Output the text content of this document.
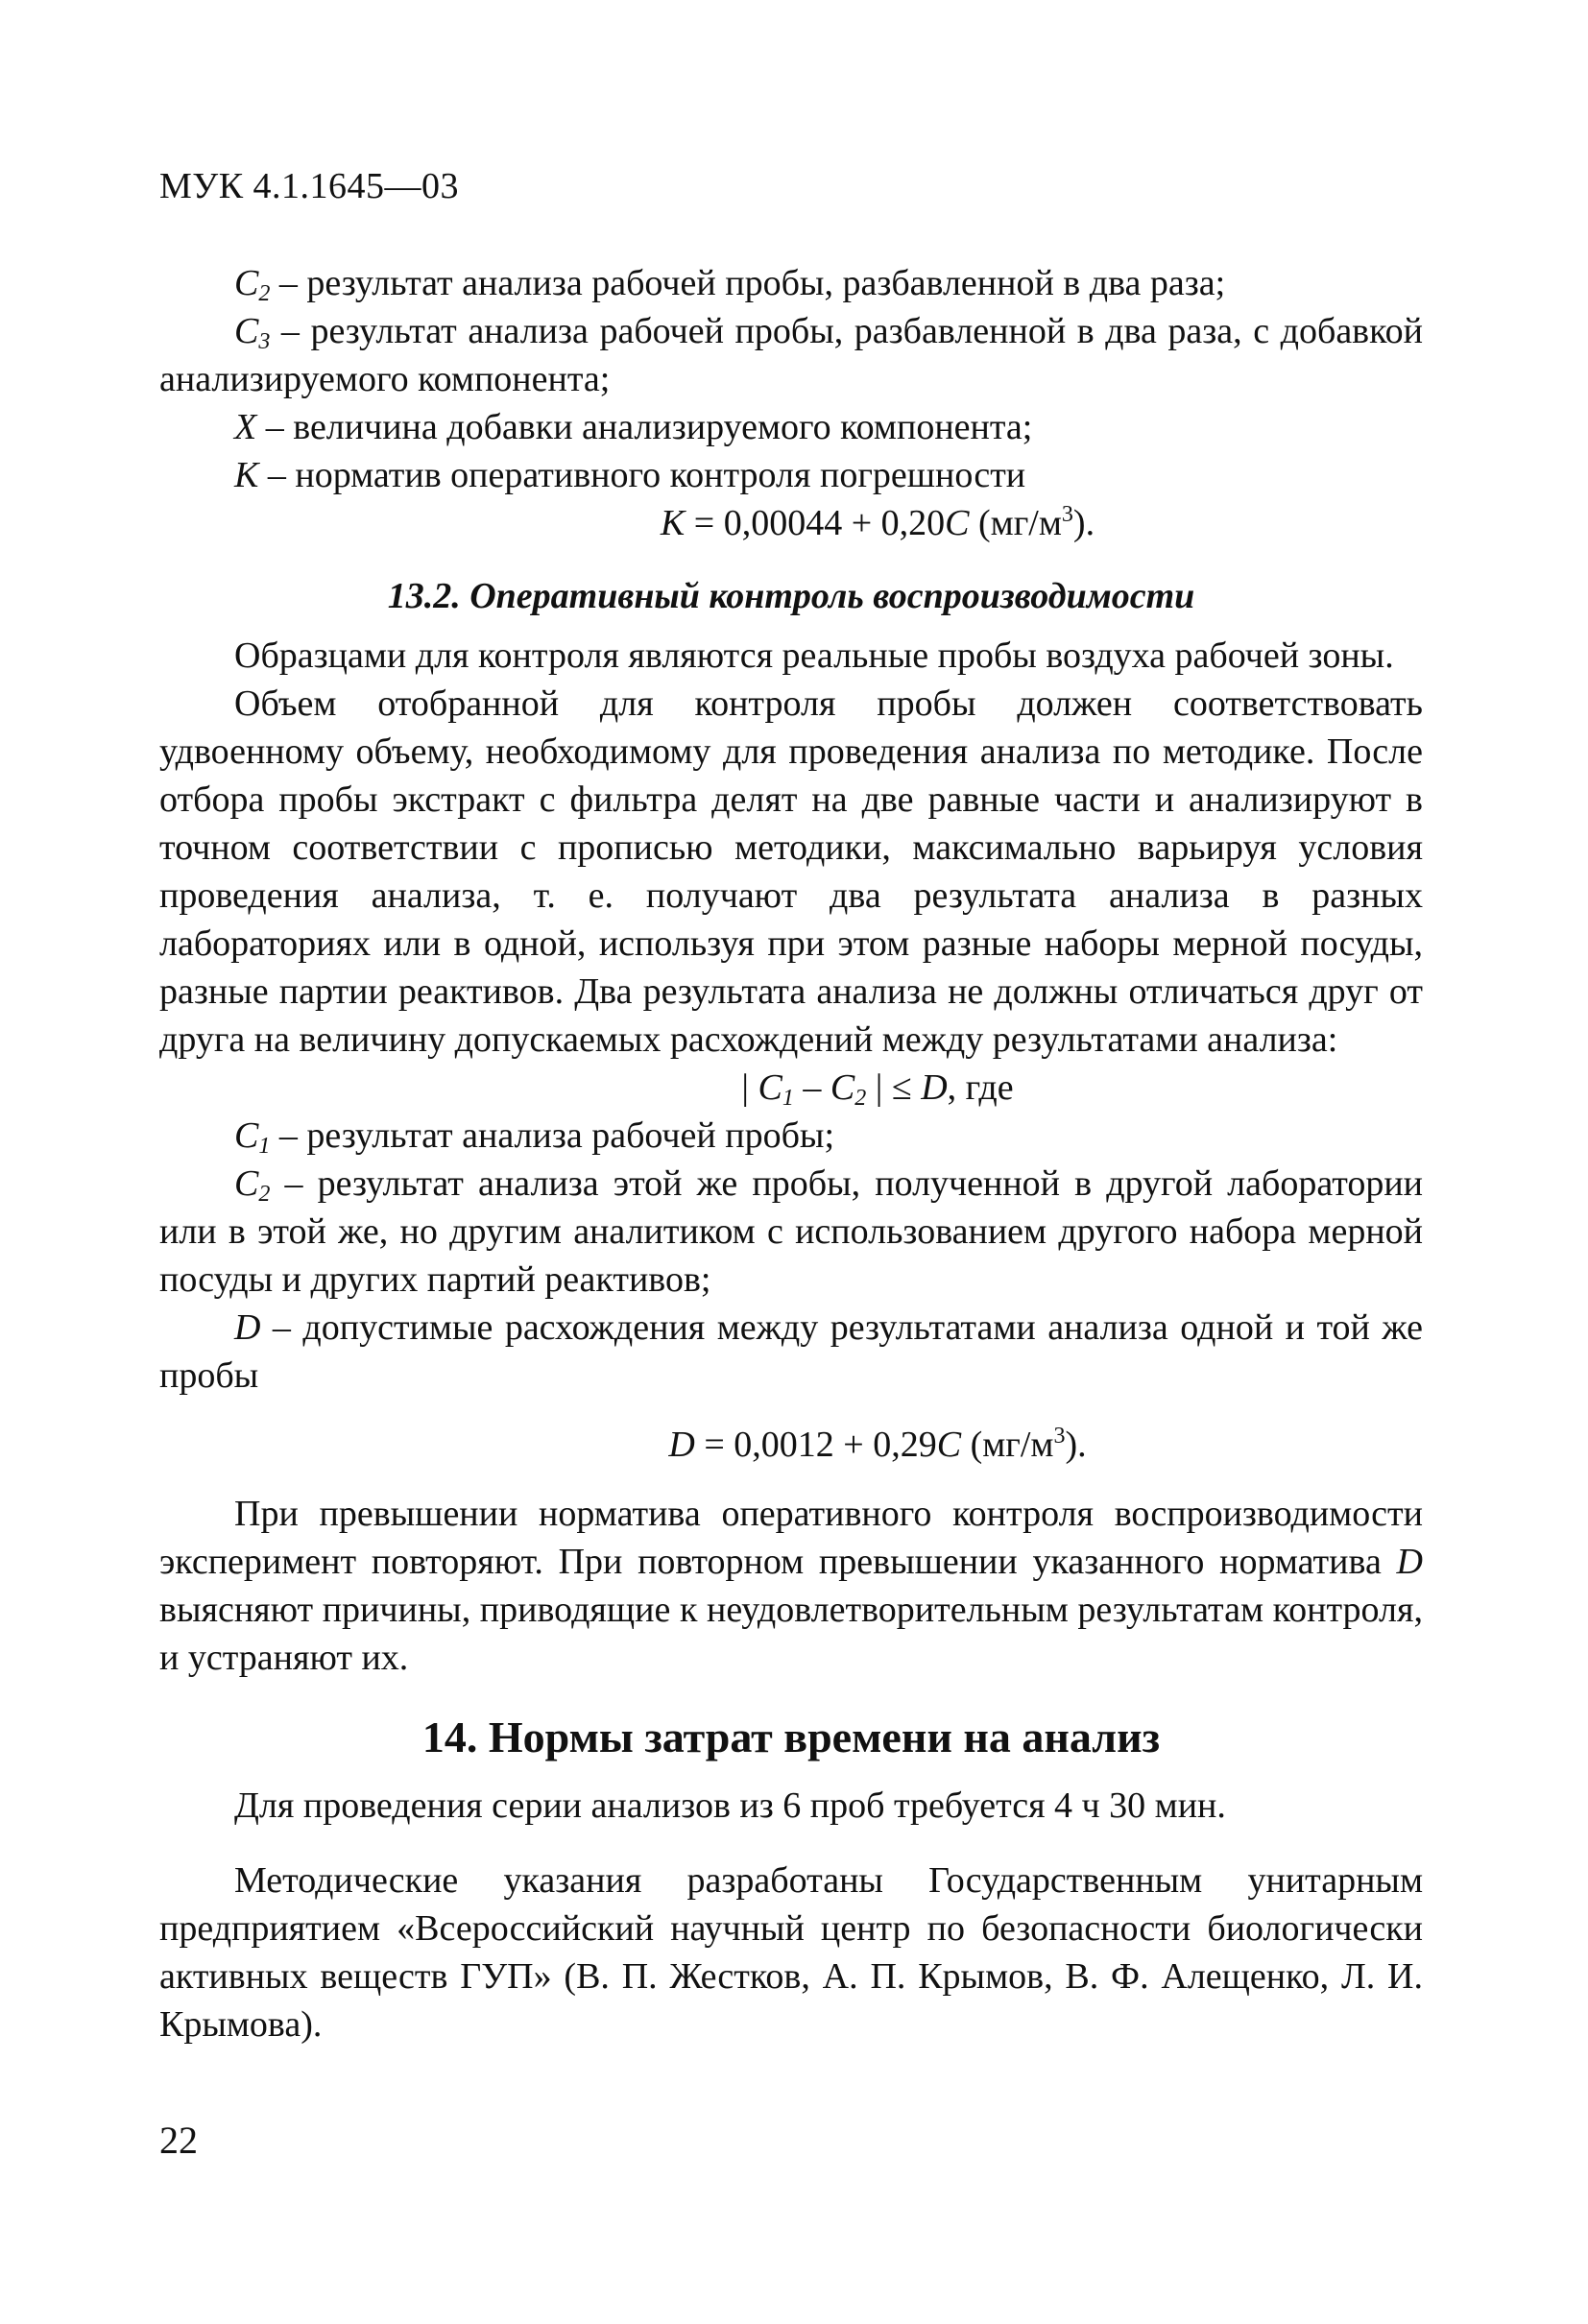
МУК 4.1.1645—03

$C_2$ – результат анализа рабочей пробы, разбавленной в два раза;

$C_3$ – результат анализа рабочей пробы, разбавленной в два раза, с добавкой анализируемого компонента;

X – величина добавки анализируемого компонента;

K – норматив оперативного контроля погрешности

K = 0,00044 + 0,20C $(мг/м^3)$.

13.2. Оперативный контроль воспроизводимости

Образцами для контроля являются реальные пробы воздуха рабочей зоны.

Объем отобранной для контроля пробы должен соответствовать удвоенному объему, необходимому для проведения анализа по методике. После отбора пробы экстракт с фильтра делят на две равные части и анализируют в точном соответствии с прописью методики, максимально варьируя условия проведения анализа, т. е. получают два результата анализа в разных лабораториях или в одной, используя при этом разные наборы мерной посуды, разные партии реактивов. Два результата анализа не должны отличаться друг от друга на величину допускаемых расхождений между результатами анализа:

| $C_1 - C_2$ | ≤ D, где

$C_1$ – результат анализа рабочей пробы;

$C_2$ – результат анализа этой же пробы, полученной в другой лаборатории или в этой же, но другим аналитиком с использованием другого набора мерной посуды и других партий реактивов;

D – допустимые расхождения между результатами анализа одной и той же пробы

D = 0,0012 + 0,29C $(мг/м^3)$.

При превышении норматива оперативного контроля воспроизводимости эксперимент повторяют. При повторном превышении указанного норматива D выясняют причины, приводящие к неудовлетворительным результатам контроля, и устраняют их.

14. Нормы затрат времени на анализ

Для проведения серии анализов из 6 проб требуется 4 ч 30 мин.

Методические указания разработаны Государственным унитарным предприятием «Всероссийский научный центр по безопасности биологически активных веществ ГУП» (В. П. Жестков, А. П. Крымов, В. Ф. Алещенко, Л. И. Крымова).

22
